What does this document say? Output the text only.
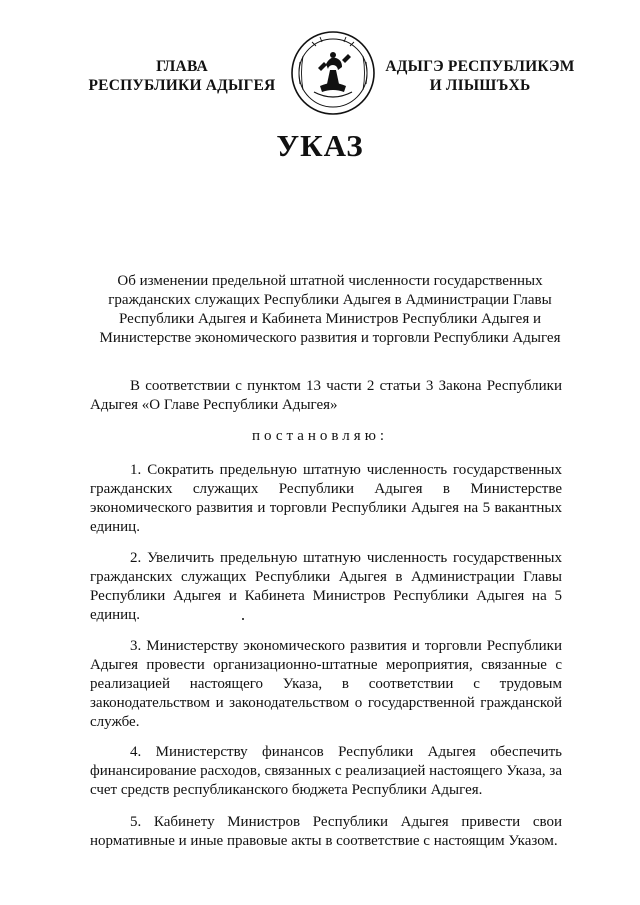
ГЛАВА
РЕСПУБЛИКИ АДЫГЕЯ
АДЫГЭ РЕСПУБЛИКЭМ
И ЛІЫШЪХЬ
УКАЗ
Об изменении предельной штатной численности государственных
гражданских служащих Республики Адыгея в Администрации Главы
Республики Адыгея и Кабинета Министров Республики Адыгея и
Министерстве экономического развития и торговли Республики Адыгея

В соответствии с пунктом 13 части 2 статьи 3 Закона Республики Адыгея «О Главе Республики Адыгея»

постановляю:

1. Сократить предельную штатную численность государственных гражданских служащих Республики Адыгея в Министерстве экономического развития и торговли Республики Адыгея на 5 вакантных единиц.

2. Увеличить предельную штатную численность государственных гражданских служащих Республики Адыгея в Администрации Главы Республики Адыгея и Кабинета Министров Республики Адыгея на 5 единиц.

3. Министерству экономического развития и торговли Республики Адыгея провести организационно-штатные мероприятия, связанные с реализацией настоящего Указа, в соответствии с трудовым законодательством и законодательством о государственной гражданской службе.

4. Министерству финансов Республики Адыгея обеспечить финансирование расходов, связанных с реализацией настоящего Указа, за счет средств республиканского бюджета Республики Адыгея.

5. Кабинету Министров Республики Адыгея привести свои нормативные и иные правовые акты в соответствие с настоящим Указом.
